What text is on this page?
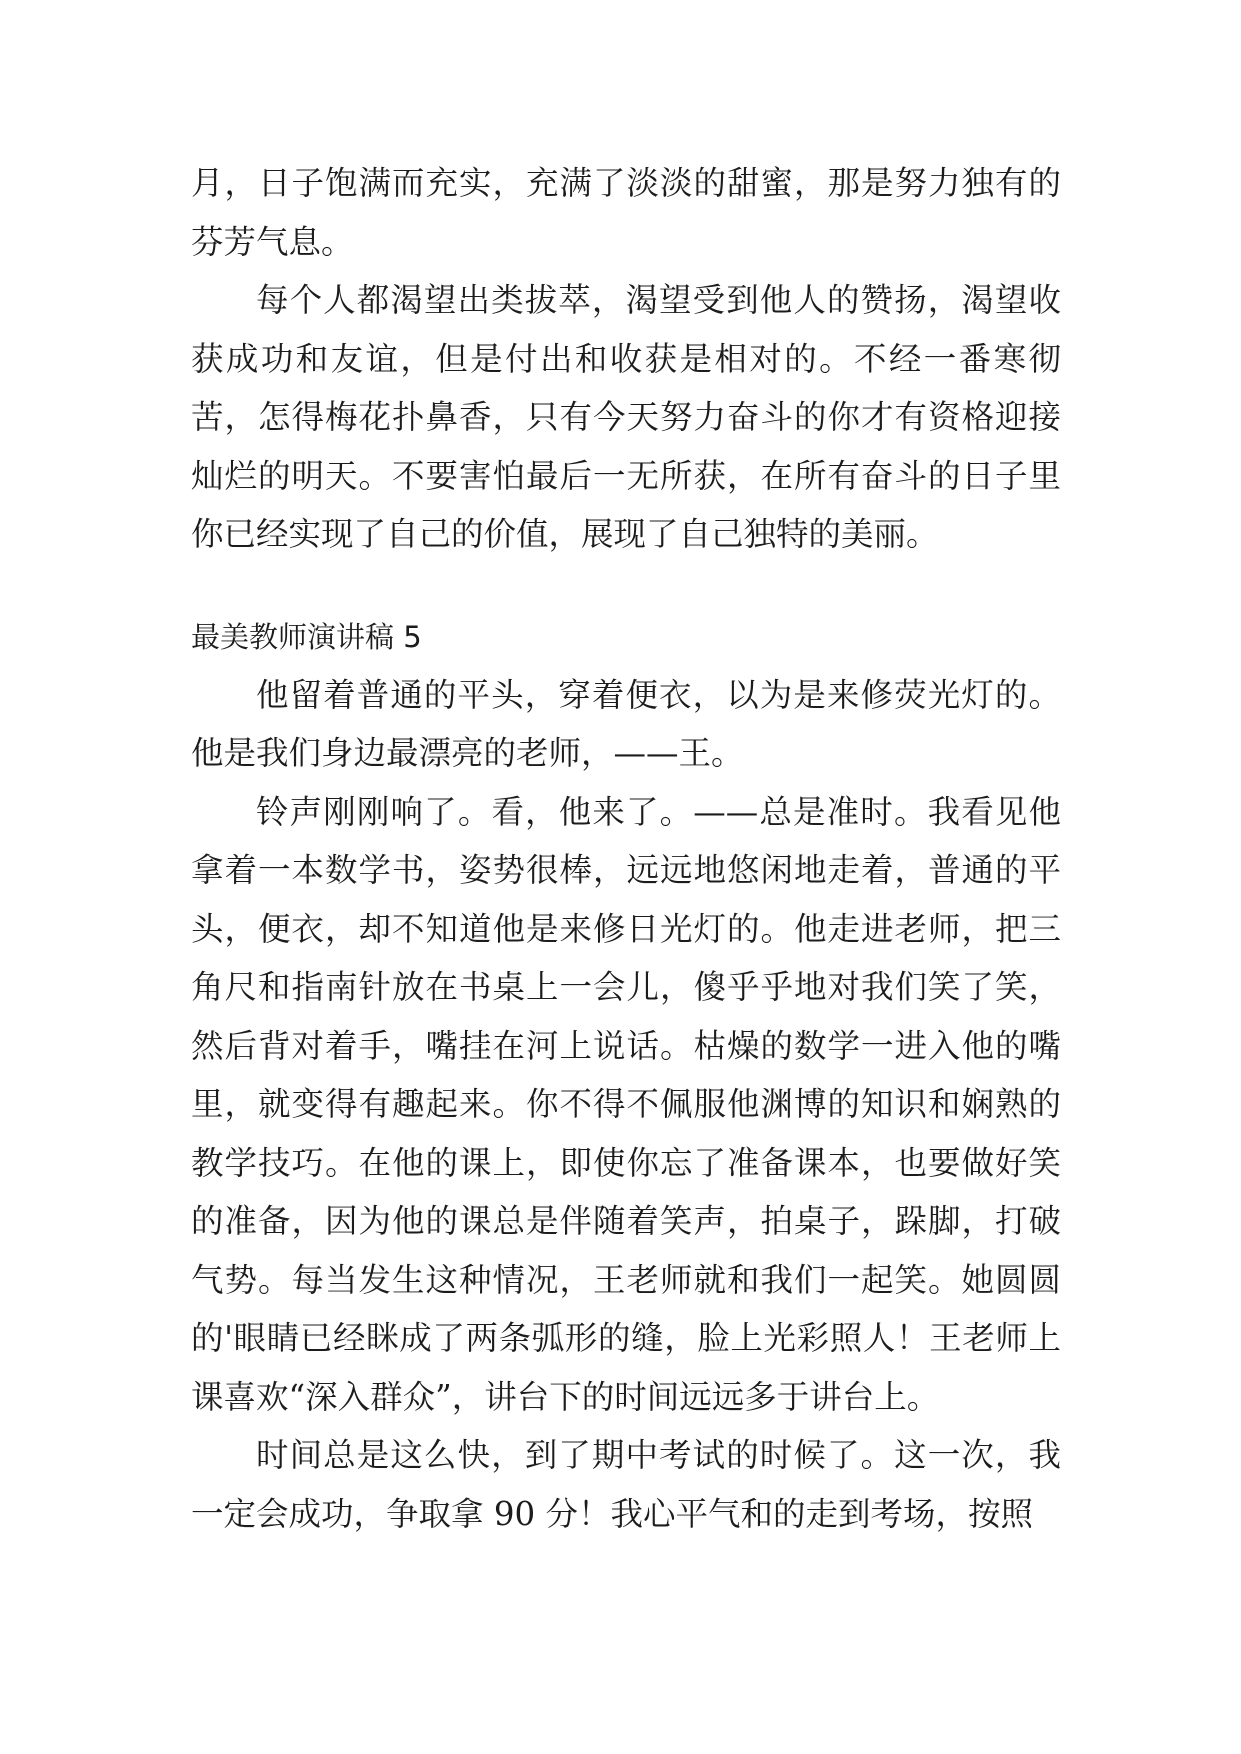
月，日子饱满而充实，充满了淡淡的甜蜜，那是努力独有的芬芳气息。

每个人都渴望出类拔萃，渴望受到他人的赞扬，渴望收获成功和友谊，但是付出和收获是相对的。不经一番寒彻苦，怎得梅花扑鼻香，只有今天努力奋斗的你才有资格迎接灿烂的明天。不要害怕最后一无所获，在所有奋斗的日子里你已经实现了自己的价值，展现了自己独特的美丽。

最美教师演讲稿 5

他留着普通的平头，穿着便衣，以为是来修荧光灯的。他是我们身边最漂亮的老师，——王。

铃声刚刚响了。看，他来了。——总是准时。我看见他拿着一本数学书，姿势很棒，远远地悠闲地走着，普通的平头，便衣，却不知道他是来修日光灯的。他走进老师，把三角尺和指南针放在书桌上一会儿，傻乎乎地对我们笑了笑，然后背对着手，嘴挂在河上说话。枯燥的数学一进入他的嘴里，就变得有趣起来。你不得不佩服他渊博的知识和娴熟的教学技巧。在他的课上，即使你忘了准备课本，也要做好笑的准备，因为他的课总是伴随着笑声，拍桌子，跺脚，打破气势。每当发生这种情况，王老师就和我们一起笑。她圆圆的'眼睛已经眯成了两条弧形的缝，脸上光彩照人！王老师上课喜欢“深入群众”，讲台下的时间远远多于讲台上。

时间总是这么快，到了期中考试的时候了。这一次，我一定会成功，争取拿 90 分！我心平气和的走到考场，按照
